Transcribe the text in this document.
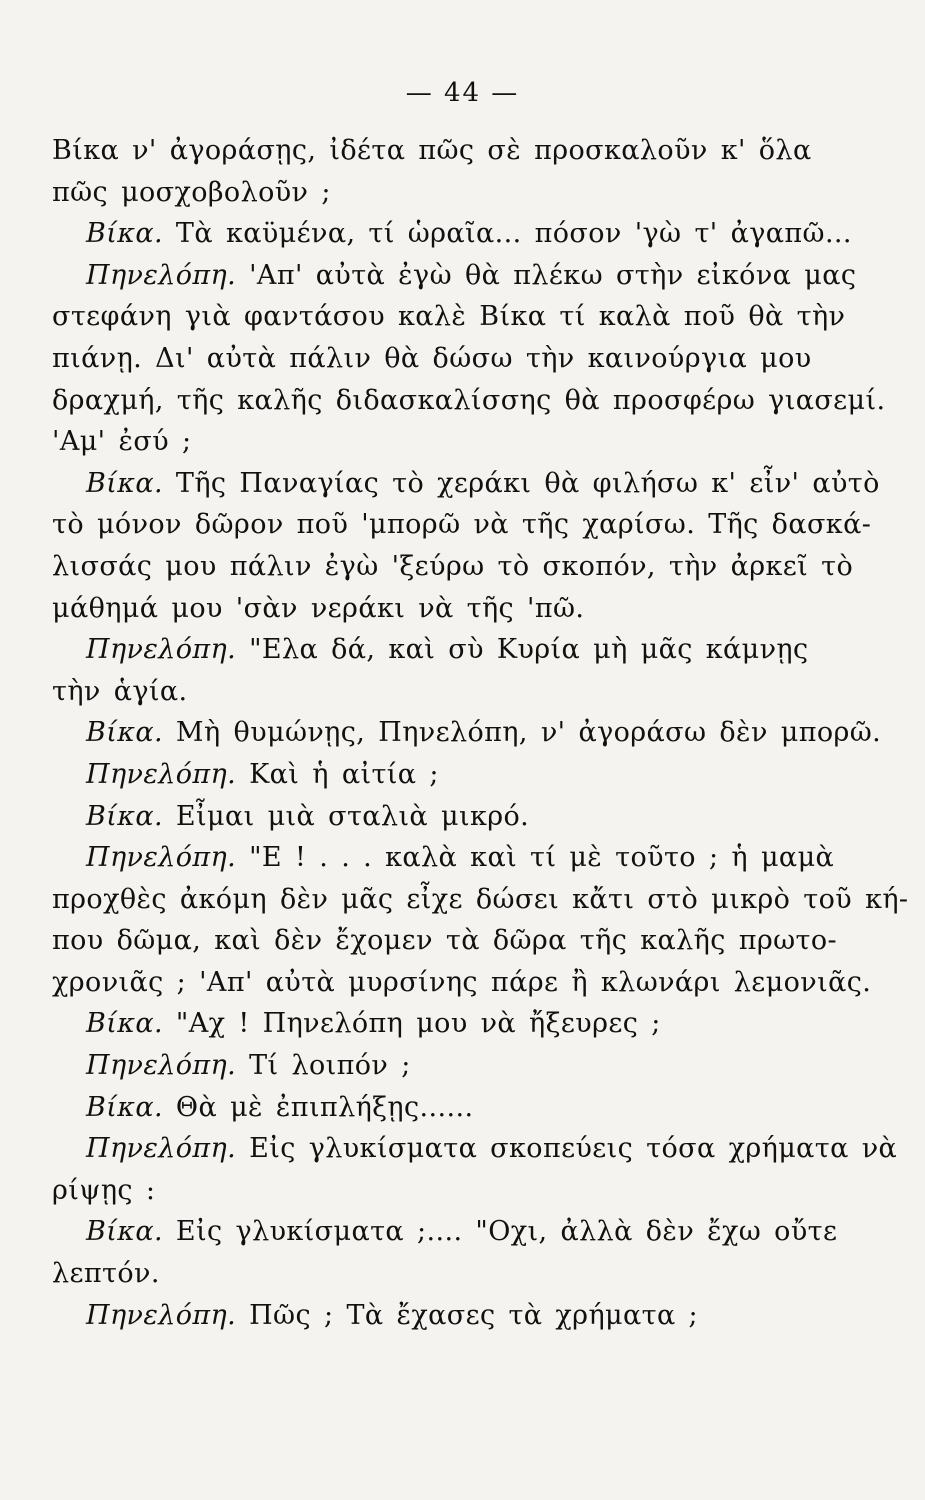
— 44 —

Βίκα ν' ἀγοράσῃς, ἰδέτα πῶς σὲ προσκαλοῦν κ' ὅλα
πῶς μοσχοβολοῦν ;

Βίκα. Τὰ καϋμένα, τί ὡραῖα... πόσον 'γὼ τ' ἀγαπῶ...

Πηνελόπη. 'Απ' αὐτὰ ἐγὼ θὰ πλέκω στὴν εἰκόνα μας
στεφάνη γιὰ φαντάσου καλὲ Βίκα τί καλὰ ποῦ θὰ τὴν
πιάνῃ. Δι' αὐτὰ πάλιν θὰ δώσω τὴν καινούργια μου
δραχμή, τῆς καλῆς διδασκαλίσσης θὰ προσφέρω γιασεμί.
'Αμ' ἐσύ ;

Βίκα. Τῆς Παναγίας τὸ χεράκι θὰ φιλήσω κ' εἶν' αὐτὸ
τὸ μόνον δῶρον ποῦ 'μπορῶ νὰ τῆς χαρίσω. Τῆς δασκά-
λισσάς μου πάλιν ἐγὼ 'ξεύρω τὸ σκοπόν, τὴν ἀρκεῖ τὸ
μάθημά μου 'σὰν νεράκι νὰ τῆς 'πῶ.

Πηνελόπη. "Ελα δά, καὶ σὺ Κυρία μὴ μᾶς κάμνῃς
τὴν ἁγία.

Βίκα. Μὴ θυμώνῃς, Πηνελόπη, ν' ἀγοράσω δὲν μπορῶ.

Πηνελόπη. Καὶ ἡ αἰτία ;

Βίκα. Εἶμαι μιὰ σταλιὰ μικρό.

Πηνελόπη. "Ε ! . . . καλὰ καὶ τί μὲ τοῦτο ; ἡ μαμὰ
προχθὲς ἀκόμη δὲν μᾶς εἶχε δώσει κἄτι στὸ μικρὸ τοῦ κή-
που δῶμα, καὶ δὲν ἔχομεν τὰ δῶρα τῆς καλῆς πρωτο-
χρονιᾶς ; 'Απ' αὐτὰ μυρσίνης πάρε ἢ κλωνάρι λεμονιᾶς.

Βίκα. "Αχ ! Πηνελόπη μου νὰ ἤξευρες ;

Πηνελόπη. Τί λοιπόν ;

Βίκα. Θὰ μὲ ἐπιπλήξῃς......

Πηνελόπη. Εἰς γλυκίσματα σκοπεύεις τόσα χρήματα νὰ
ρίψῃς :

Βίκα. Εἰς γλυκίσματα ;.... "Οχι, ἀλλὰ δὲν ἔχω οὔτε
λεπτόν.

Πηνελόπη. Πῶς ; Τὰ ἔχασες τὰ χρήματα ;
